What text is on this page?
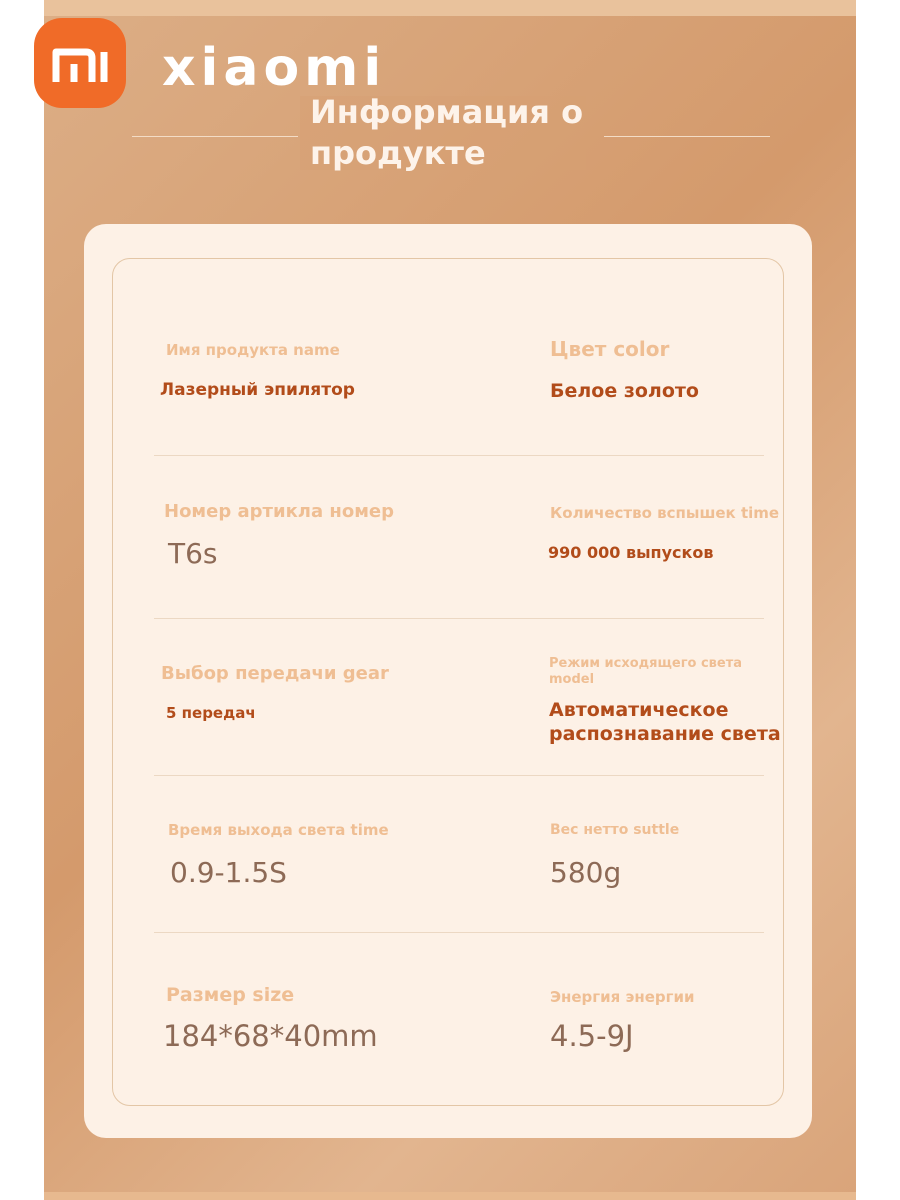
xiaomi
Информация о продукте
Имя продукта name
Лазерный эпилятор
Цвет color
Белое золото
Номер артикла номер
T6s
Количество вспышек time
990 000 выпусков
Выбор передачи gear
5 передач
Режим исходящего света model
Автоматическое распознавание света
Время выхода света time
0.9-1.5S
Вес нетто suttle
580g
Размер size
184*68*40mm
Энергия энергии
4.5-9J
